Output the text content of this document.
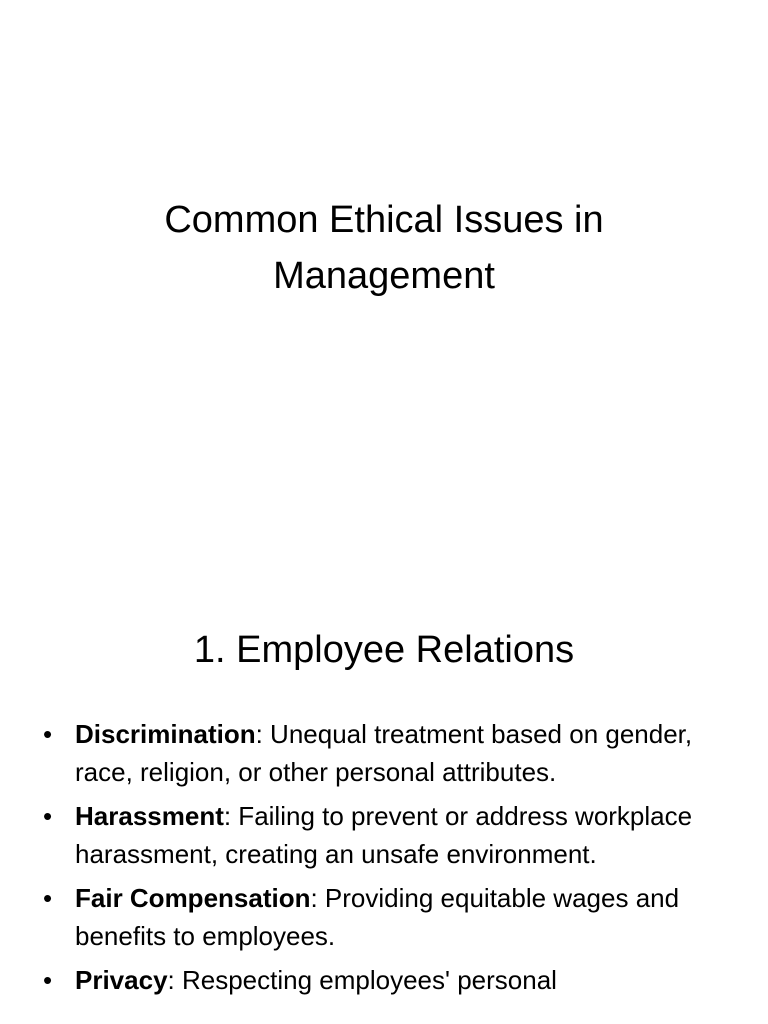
Common Ethical Issues in Management
1. Employee Relations
• Discrimination: Unequal treatment based on gender, race, religion, or other personal attributes.
• Harassment: Failing to prevent or address workplace harassment, creating an unsafe environment.
• Fair Compensation: Providing equitable wages and benefits to employees.
• Privacy: Respecting employees' personal
